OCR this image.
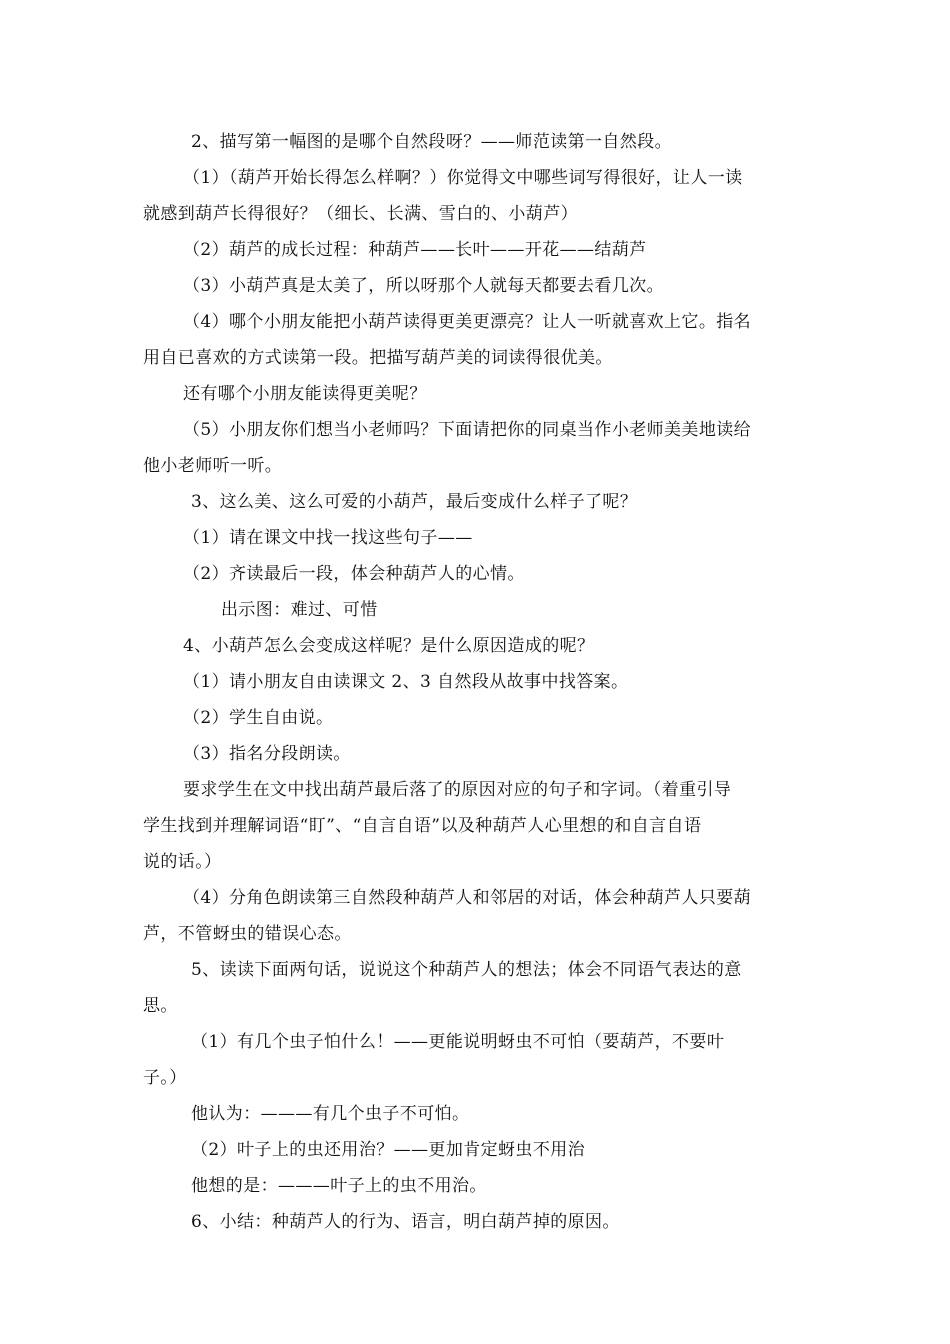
2、描写第一幅图的是哪个自然段呀？——师范读第一自然段。
（1）（葫芦开始长得怎么样啊？）你觉得文中哪些词写得很好，让人一读
就感到葫芦长得很好？（细长、长满、雪白的、小葫芦）
（2）葫芦的成长过程：种葫芦——长叶——开花——结葫芦
（3）小葫芦真是太美了，所以呀那个人就每天都要去看几次。
（4）哪个小朋友能把小葫芦读得更美更漂亮？让人一听就喜欢上它。指名
用自已喜欢的方式读第一段。把描写葫芦美的词读得很优美。
还有哪个小朋友能读得更美呢？
（5）小朋友你们想当小老师吗？下面请把你的同桌当作小老师美美地读给
他小老师听一听。
3、这么美、这么可爱的小葫芦，最后变成什么样子了呢？
（1）请在课文中找一找这些句子——
（2）齐读最后一段，体会种葫芦人的心情。
出示图：难过、可惜
4、小葫芦怎么会变成这样呢？是什么原因造成的呢？
（1）请小朋友自由读课文 2、3 自然段从故事中找答案。
（2）学生自由说。
（3）指名分段朗读。
要求学生在文中找出葫芦最后落了的原因对应的句子和字词。（着重引导
学生找到并理解词语“盯”、“自言自语”以及种葫芦人心里想的和自言自语
说的话。）
（4）分角色朗读第三自然段种葫芦人和邻居的对话，体会种葫芦人只要葫
芦，不管蚜虫的错误心态。
5、读读下面两句话，说说这个种葫芦人的想法；体会不同语气表达的意
思。
（1）有几个虫子怕什么！——更能说明蚜虫不可怕（要葫芦，不要叶
子。）
他认为：———有几个虫子不可怕。
（2）叶子上的虫还用治？——更加肯定蚜虫不用治
他想的是：———叶子上的虫不用治。
6、小结：种葫芦人的行为、语言，明白葫芦掉的原因。
